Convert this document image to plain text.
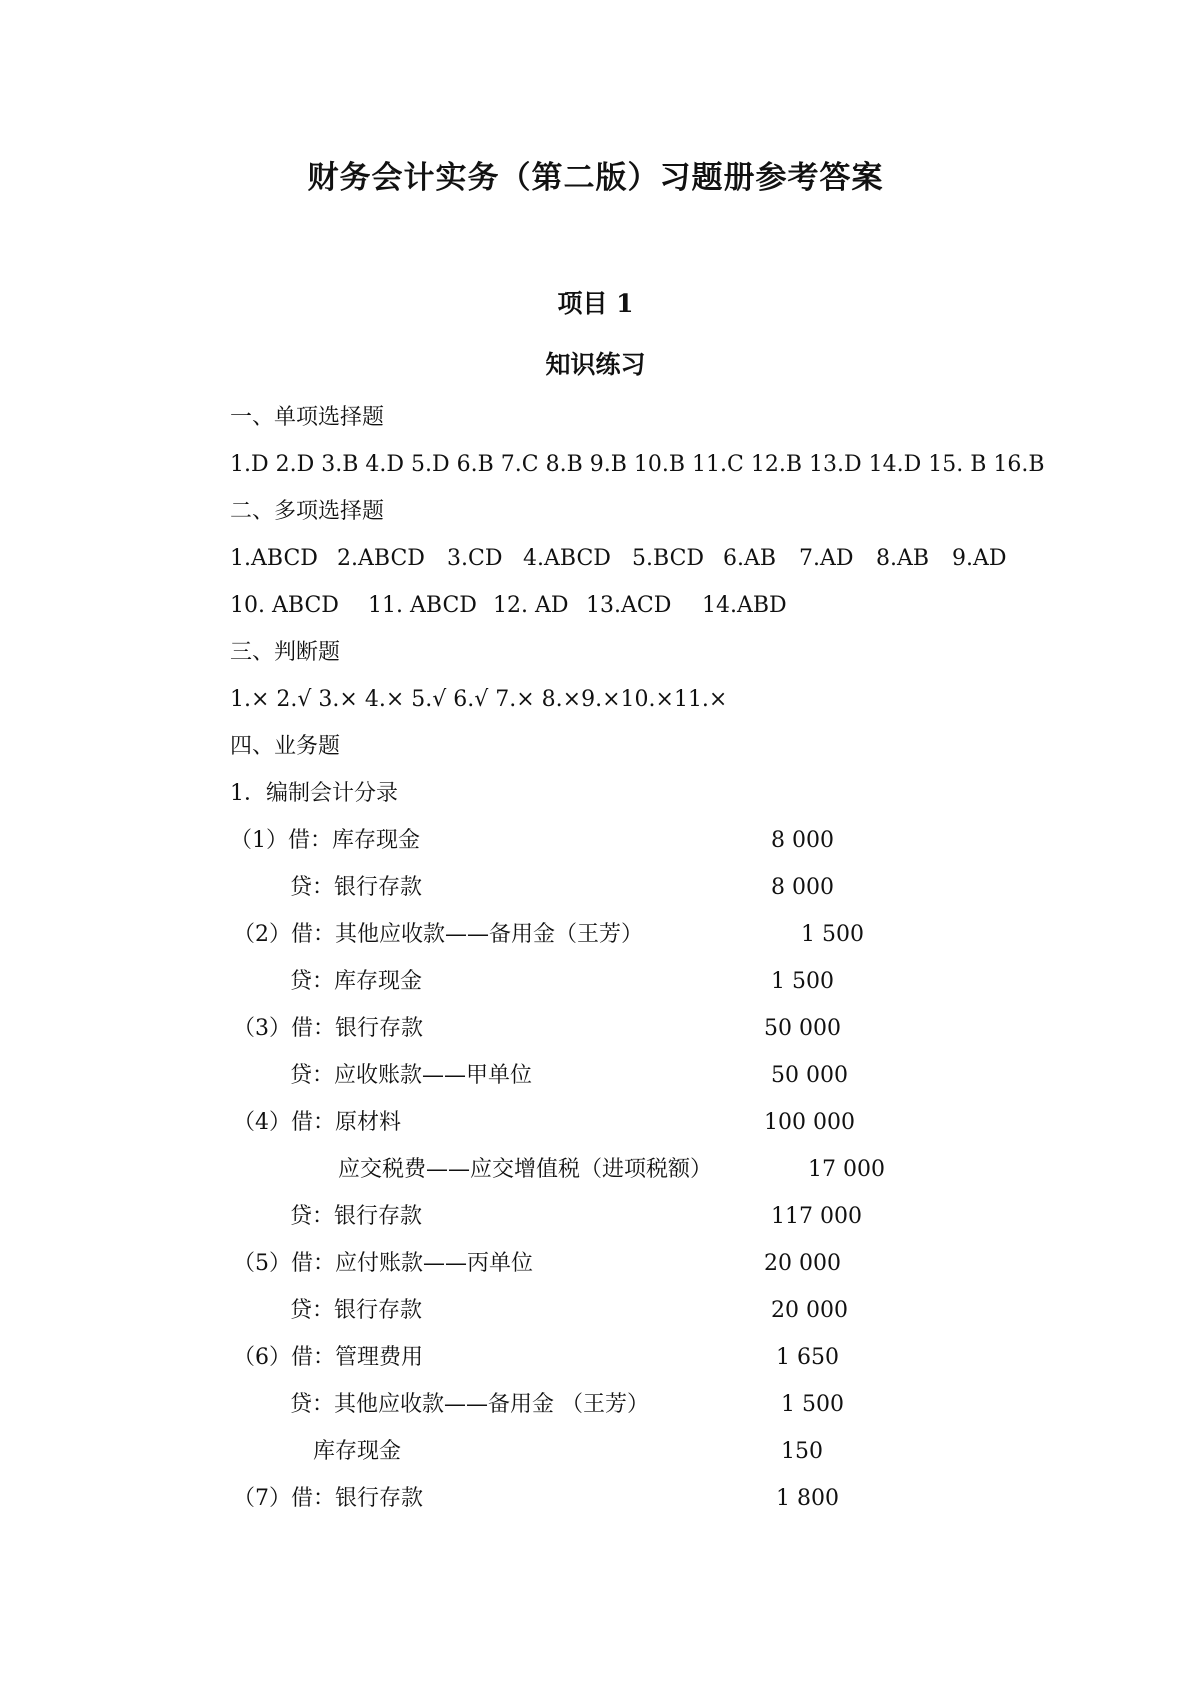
财务会计实务（第二版）习题册参考答案
项目 1
知识练习
一、单项选择题
1.D 2.D 3.B 4.D 5.D 6.B 7.C 8.B 9.B 10.B 11.C 12.B 13.D 14.D 15. B 16.B
二、多项选择题
1.ABCD 2.ABCD 3.CD 4.ABCD 5.BCD 6.AB 7.AD 8.AB 9.AD
10. ABCD 11. ABCD 12. AD 13.ACD 14.ABD
三、判断题
1.× 2.√ 3.× 4.× 5.√ 6.√ 7.× 8.×9.×10.×11.×
四、业务题
1．编制会计分录
（1）借：库存现金	8 000
贷：银行存款	8 000
（2）借：其他应收款——备用金（王芳）	1 500
贷：库存现金	1 500
（3）借：银行存款	50 000
贷：应收账款——甲单位	50 000
（4）借：原材料	100 000
应交税费——应交增值税（进项税额）	17 000
贷：银行存款	117 000
（5）借：应付账款——丙单位	20 000
贷：银行存款	20 000
（6）借：管理费用	1 650
贷：其他应收款——备用金 （王芳）	1 500
库存现金	150
（7）借：银行存款	1 800
